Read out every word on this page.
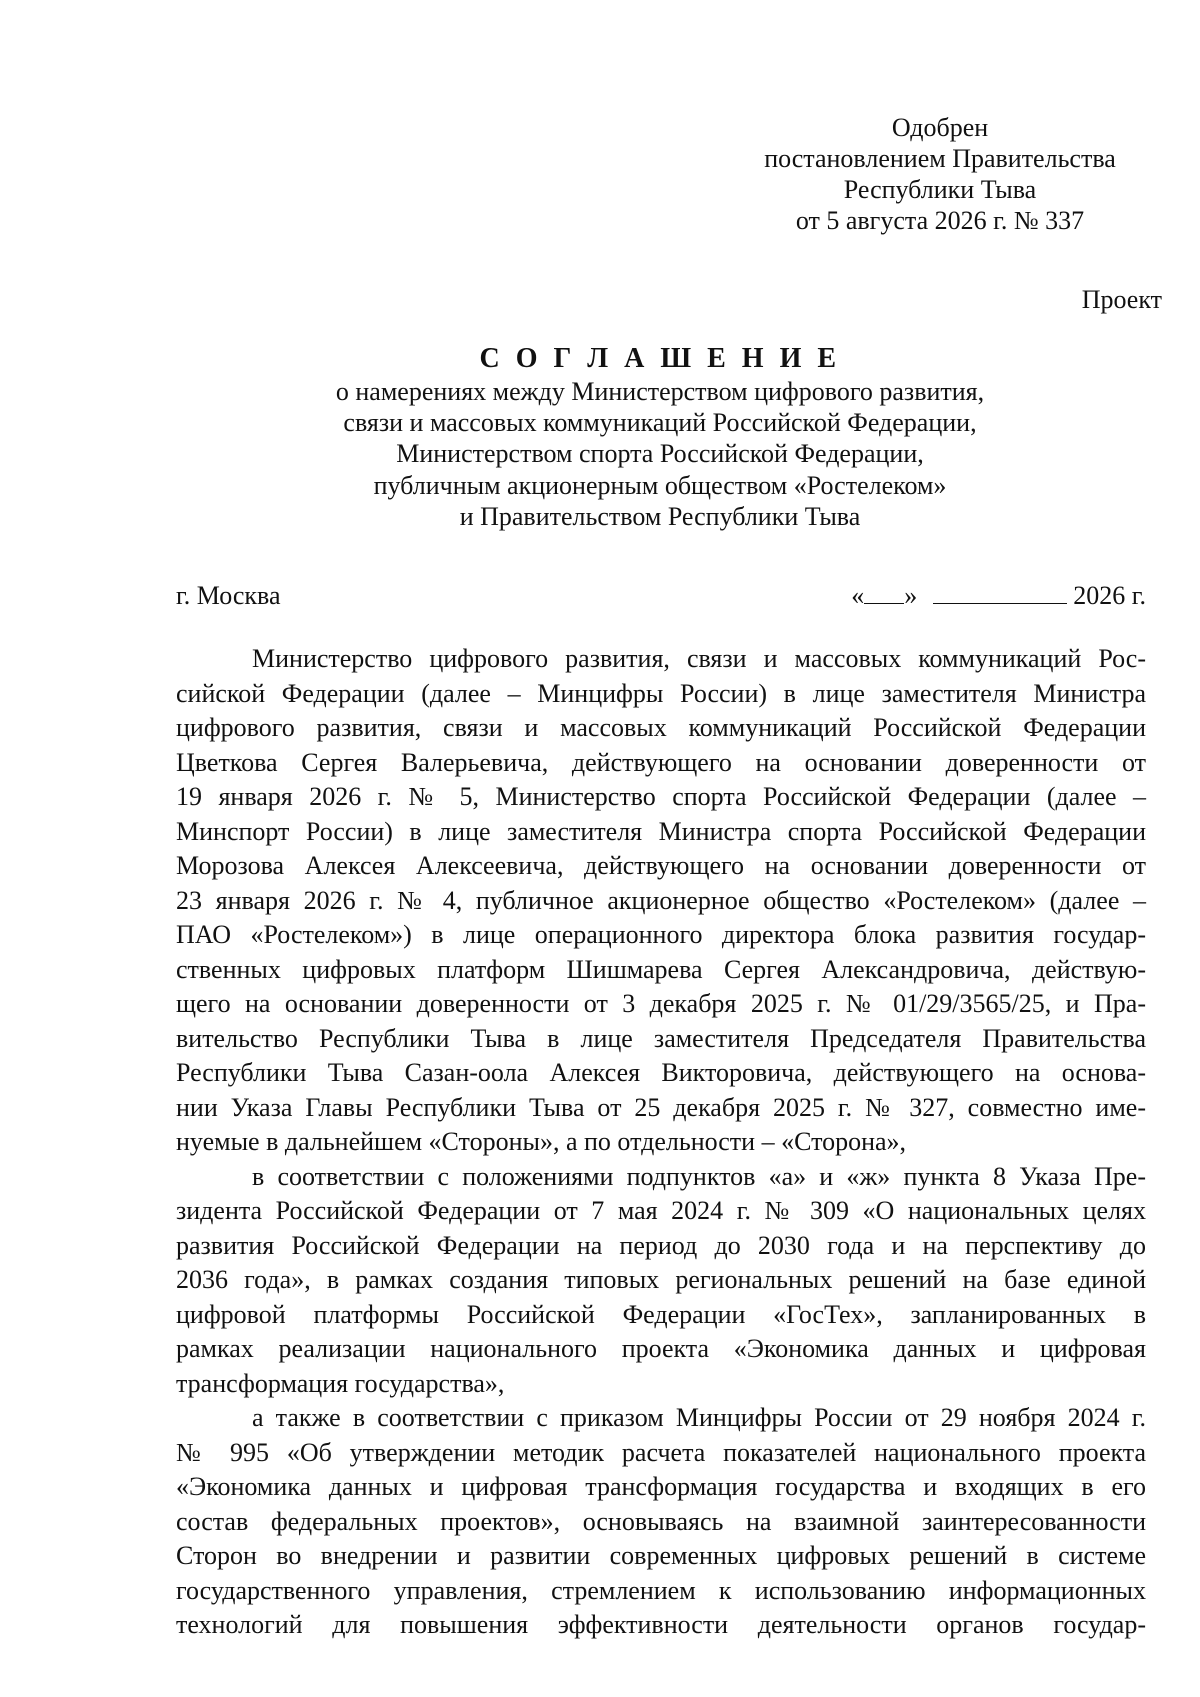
Одобрен
постановлением Правительства
Республики Тыва
от 5 августа 2026 г. № 337
Проект
С О Г Л А Ш Е Н И Е
о намерениях между Министерством цифрового развития,
связи и массовых коммуникаций Российской Федерации,
Министерством спорта Российской Федерации,
публичным акционерным обществом «Ростелеком»
и Правительством Республики Тыва
г. Москва	« »	2026 г.
Министерство цифрового развития, связи и массовых коммуникаций Рос-
сийской Федерации (далее – Минцифры России) в лице заместителя Министра
цифрового развития, связи и массовых коммуникаций Российской Федерации
Цветкова Сергея Валерьевича, действующего на основании доверенности от
19 января 2026 г. № 5, Министерство спорта Российской Федерации (далее –
Минспорт России) в лице заместителя Министра спорта Российской Федерации
Морозова Алексея Алексеевича, действующего на основании доверенности от
23 января 2026 г. № 4, публичное акционерное общество «Ростелеком» (далее –
ПАО «Ростелеком») в лице операционного директора блока развития государ-
ственных цифровых платформ Шишмарева Сергея Александровича, действую-
щего на основании доверенности от 3 декабря 2025 г. № 01/29/3565/25, и Пра-
вительство Республики Тыва в лице заместителя Председателя Правительства
Республики Тыва Сазан-оола Алексея Викторовича, действующего на основа-
нии Указа Главы Республики Тыва от 25 декабря 2025 г. № 327, совместно име-
нуемые в дальнейшем «Стороны», а по отдельности – «Сторона»,
в соответствии с положениями подпунктов «а» и «ж» пункта 8 Указа Пре-
зидента Российской Федерации от 7 мая 2024 г. № 309 «О национальных целях
развития Российской Федерации на период до 2030 года и на перспективу до
2036 года», в рамках создания типовых региональных решений на базе единой
цифровой платформы Российской Федерации «ГосТех», запланированных в
рамках реализации национального проекта «Экономика данных и цифровая
трансформация государства»,
а также в соответствии с приказом Минцифры России от 29 ноября 2024 г.
№ 995 «Об утверждении методик расчета показателей национального проекта
«Экономика данных и цифровая трансформация государства и входящих в его
состав федеральных проектов», основываясь на взаимной заинтересованности
Сторон во внедрении и развитии современных цифровых решений в системе
государственного управления, стремлением к использованию информационных
технологий для повышения эффективности деятельности органов государ-
